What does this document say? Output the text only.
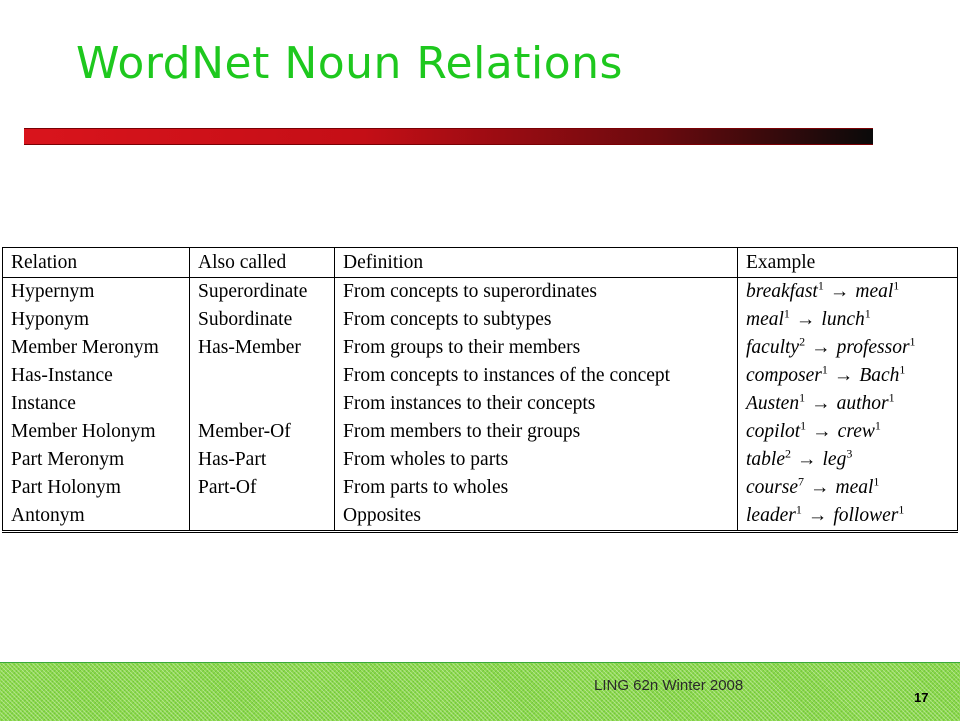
WordNet Noun Relations
Relation	Also called	Definition	Example
Hypernym	Superordinate	From concepts to superordinates	breakfast$^1$ → meal$^1$
Hyponym	Subordinate	From concepts to subtypes	meal$^1$ → lunch$^1$
Member Meronym	Has-Member	From groups to their members	faculty$^2$ → professor$^1$
Has-Instance		From concepts to instances of the concept	composer$^1$ → Bach$^1$
Instance		From instances to their concepts	Austen$^1$ → author$^1$
Member Holonym	Member-Of	From members to their groups	copilot$^1$ → crew$^1$
Part Meronym	Has-Part	From wholes to parts	table$^2$ → leg$^3$
Part Holonym	Part-Of	From parts to wholes	course$^7$ → meal$^1$
Antonym		Opposites	leader$^1$ → follower$^1$
LING 62n Winter 2008
17
